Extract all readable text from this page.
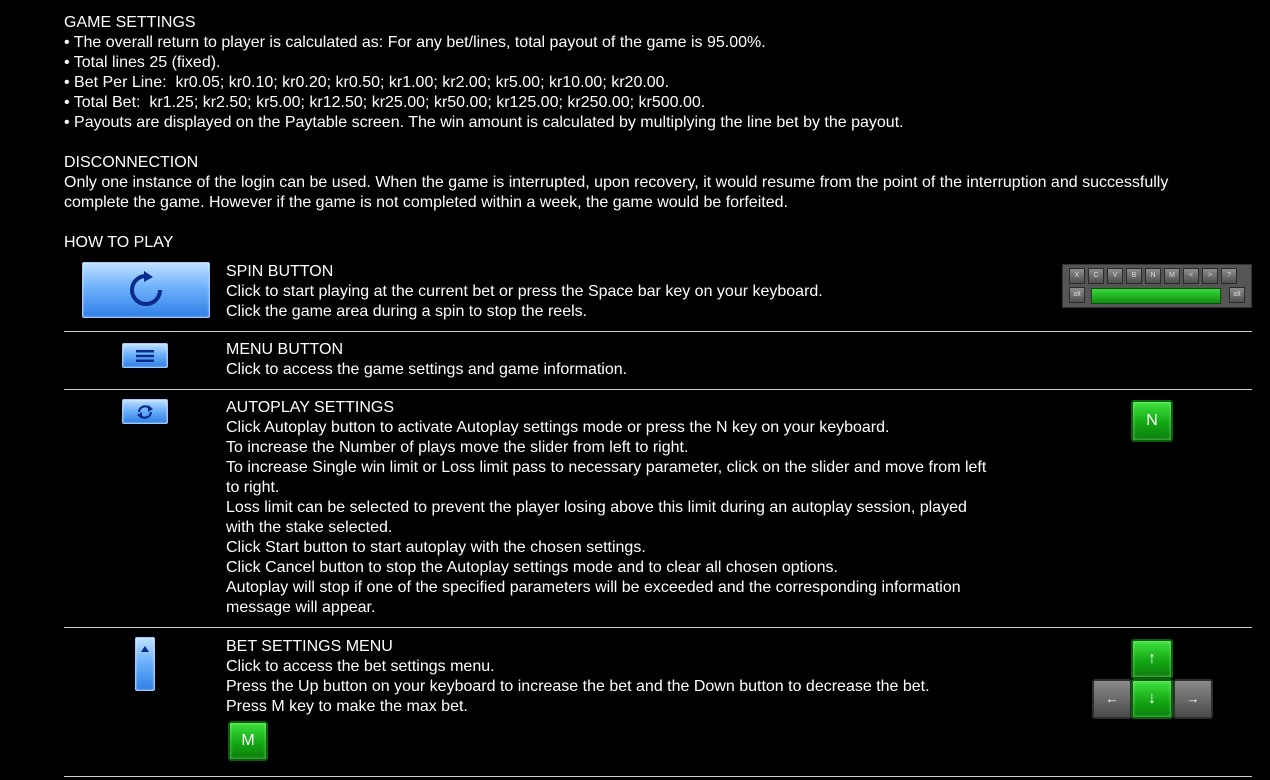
GAME SETTINGS
• The overall return to player is calculated as: For any bet/lines, total payout of the game is 95.00%.
• Total lines 25 (fixed).
• Bet Per Line:  kr0.05; kr0.10; kr0.20; kr0.50; kr1.00; kr2.00; kr5.00; kr10.00; kr20.00.
• Total Bet:  kr1.25; kr2.50; kr5.00; kr12.50; kr25.00; kr50.00; kr125.00; kr250.00; kr500.00.
• Payouts are displayed on the Paytable screen. The win amount is calculated by multiplying the line bet by the payout.
DISCONNECTION
Only one instance of the login can be used. When the game is interrupted, upon recovery, it would resume from the point of the interruption and successfully
complete the game. However if the game is not completed within a week, the game would be forfeited.
HOW TO PLAY
SPIN BUTTON
Click to start playing at the current bet or press the Space bar key on your keyboard.
Click the game area during a spin to stop the reels.
X	C	V	B	N	M	<	>	?
alt	alt
MENU BUTTON
Click to access the game settings and game information.
AUTOPLAY SETTINGS
Click Autoplay button to activate Autoplay settings mode or press the N key on your keyboard.
To increase the Number of plays move the slider from left to right.
To increase Single win limit or Loss limit pass to necessary parameter, click on the slider and move from left
to right.
Loss limit can be selected to prevent the player losing above this limit during an autoplay session, played
with the stake selected.
Click Start button to start autoplay with the chosen settings.
Click Cancel button to stop the Autoplay settings mode and to clear all chosen options.
Autoplay will stop if one of the specified parameters will be exceeded and the corresponding information
message will appear.
N
BET SETTINGS MENU
Click to access the bet settings menu.
Press the Up button on your keyboard to increase the bet and the Down button to decrease the bet.
Press M key to make the max bet.
M
↑
←	↓	→
